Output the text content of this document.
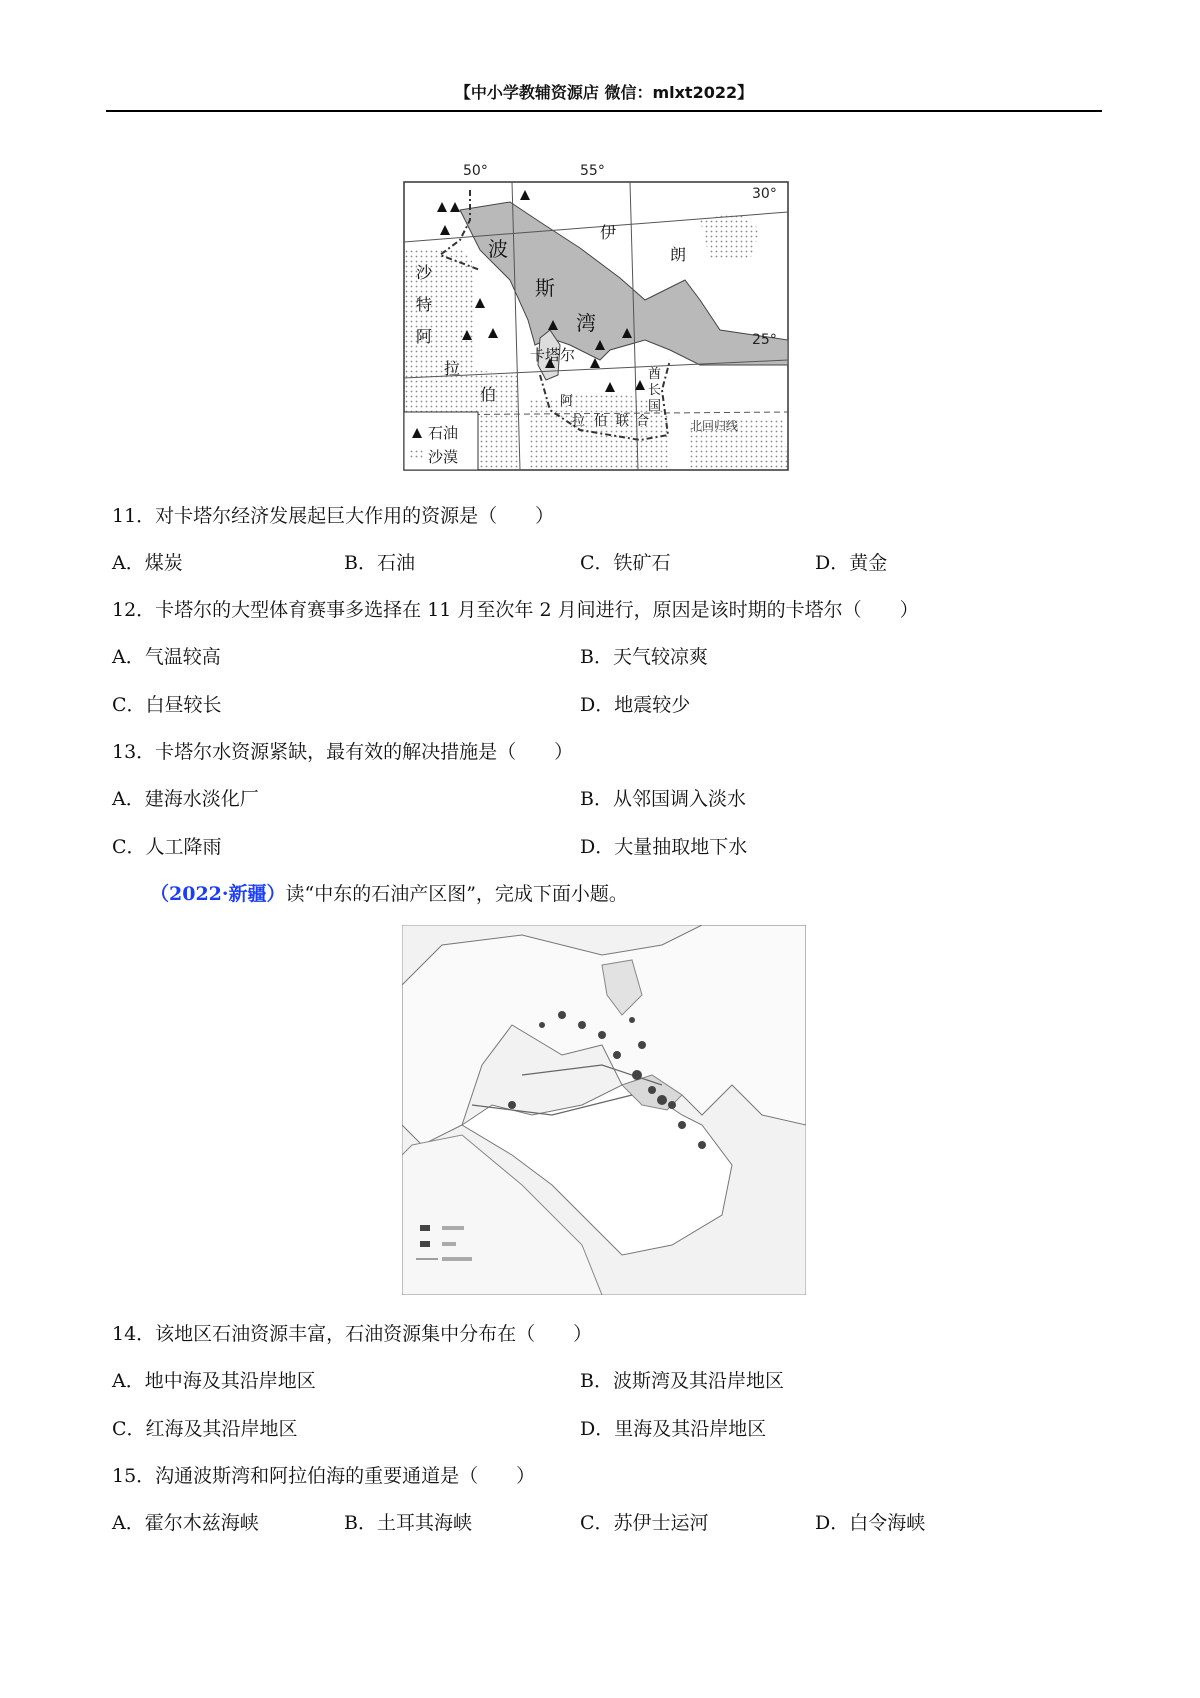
【中小学教辅资源店 微信：mlxt2022】
50°	55°
30°
25°
波
斯
湾
伊
朗
沙
特
阿
拉
伯
卡塔尔
阿
拉 伯 联 合
酋
长
国
北回归线
石油
沙漠
11．对卡塔尔经济发展起巨大作用的资源是（　　）
A．煤炭	B．石油	C．铁矿石	D．黄金
12．卡塔尔的大型体育赛事多选择在 11 月至次年 2 月间进行，原因是该时期的卡塔尔（　　）
A．气温较高	B．天气较凉爽
C．白昼较长	D．地震较少
13．卡塔尔水资源紧缺，最有效的解决措施是（　　）
A．建海水淡化厂	B．从邻国调入淡水
C．人工降雨	D．大量抽取地下水
（2022·新疆）读“中东的石油产区图”，完成下面小题。
14．该地区石油资源丰富，石油资源集中分布在（　　）
A．地中海及其沿岸地区	B．波斯湾及其沿岸地区
C．红海及其沿岸地区	D．里海及其沿岸地区
15．沟通波斯湾和阿拉伯海的重要通道是（　　）
A．霍尔木兹海峡	B．土耳其海峡	C．苏伊士运河	D．白令海峡
